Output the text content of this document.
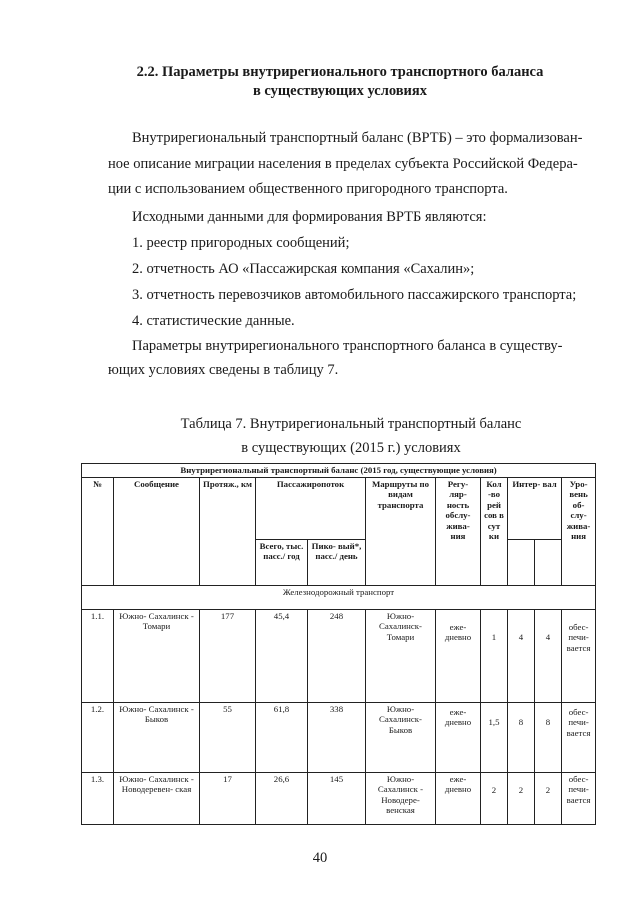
2.2. Параметры внутрирегионального транспортного баланса
в существующих условиях
Внутрирегиональный транспортный баланс (ВРТБ) – это формализован-
ное описание миграции населения в пределах субъекта Российской Федера-
ции с использованием общественного пригородного транспорта.
Исходными данными для формирования ВРТБ являются:
1. реестр пригородных сообщений;
2. отчетность АО «Пассажирская компания «Сахалин»;
3. отчетность перевозчиков автомобильного пассажирского транспорта;
4. статистические данные.
Параметры внутрирегионального транспортного баланса в существу-
ющих условиях сведены в таблицу 7.
Таблица 7. Внутрирегиональный транспортный баланс
в существующих (2015 г.) условиях
Внутрирегиональный транспортный баланс (2015 год, существующие условия)										
№	Сообщение	Протяж., км	Пассажиропоток		Маршруты по видам транспорта	Регу- ляр- ность обслу- жива- ния	Кол -во рей сов в сут ки	Интер- вал		Уро- вень об- слу- жива- ния
			Всего, тыс. пасс./ год	Пико- вый*, пасс./ день						
Железнодорожный транспорт										
1.1.	Южно- Сахалинск - Томари	177	45,4	248	Южно- Сахалинск- Томари	еже- дневно	1	4	4	обес- печи- вается
1.2.	Южно- Сахалинск - Быков	55	61,8	338	Южно- Сахалинск- Быков	еже- дневно	1,5	8	8	обес- печи- вается
1.3.	Южно- Сахалинск - Новодеревен- ская	17	26,6	145	Южно- Сахалинск - Новодере- венская	еже- дневно	2	2	2	обес- печи- вается
40
